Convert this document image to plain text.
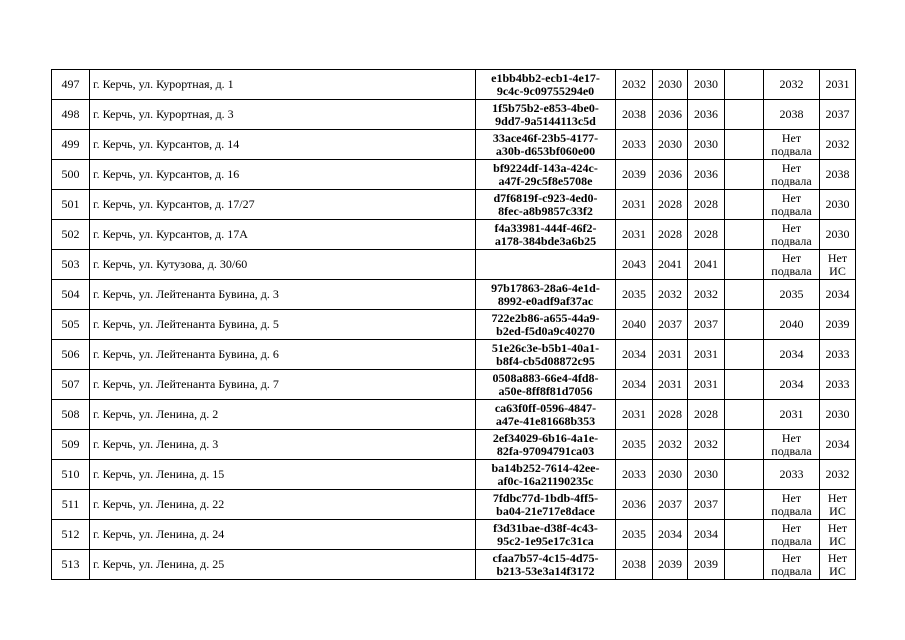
497	г. Керчь, ул. Курортная, д. 1	e1bb4bb2-ecb1-4e17-
9c4c-9c09755294e0	2032	2030	2030		2032	2031
498	г. Керчь, ул. Курортная, д. 3	1f5b75b2-e853-4be0-
9dd7-9a5144113c5d	2038	2036	2036		2038	2037
499	г. Керчь, ул. Курсантов, д. 14	33ace46f-23b5-4177-
a30b-d653bf060e00	2033	2030	2030		Нет подвала	2032
500	г. Керчь, ул. Курсантов, д. 16	bf9224df-143a-424c-
a47f-29c5f8e5708e	2039	2036	2036		Нет подвала	2038
501	г. Керчь, ул. Курсантов, д. 17/27	d7f6819f-c923-4ed0-
8fec-a8b9857c33f2	2031	2028	2028		Нет подвала	2030
502	г. Керчь, ул. Курсантов, д. 17А	f4a33981-444f-46f2-
a178-384bde3a6b25	2031	2028	2028		Нет подвала	2030
503	г. Керчь, ул. Кутузова, д. 30/60		2043	2041	2041		Нет подвала	Нет ИС
504	г. Керчь, ул. Лейтенанта Бувина, д. 3	97b17863-28a6-4e1d-
8992-e0adf9af37ac	2035	2032	2032		2035	2034
505	г. Керчь, ул. Лейтенанта Бувина, д. 5	722e2b86-a655-44a9-
b2ed-f5d0a9c40270	2040	2037	2037		2040	2039
506	г. Керчь, ул. Лейтенанта Бувина, д. 6	51e26c3e-b5b1-40a1-
b8f4-cb5d08872c95	2034	2031	2031		2034	2033
507	г. Керчь, ул. Лейтенанта Бувина, д. 7	0508a883-66e4-4fd8-
a50e-8ff8f81d7056	2034	2031	2031		2034	2033
508	г. Керчь, ул. Ленина, д. 2	ca63f0ff-0596-4847-
a47e-41e81668b353	2031	2028	2028		2031	2030
509	г. Керчь, ул. Ленина, д. 3	2ef34029-6b16-4a1e-
82fa-97094791ca03	2035	2032	2032		Нет подвала	2034
510	г. Керчь, ул. Ленина, д. 15	ba14b252-7614-42ee-
af0c-16a21190235c	2033	2030	2030		2033	2032
511	г. Керчь, ул. Ленина, д. 22	7fdbc77d-1bdb-4ff5-
ba04-21e717e8dace	2036	2037	2037		Нет подвала	Нет ИС
512	г. Керчь, ул. Ленина, д. 24	f3d31bae-d38f-4c43-
95c2-1e95e17c31ca	2035	2034	2034		Нет подвала	Нет ИС
513	г. Керчь, ул. Ленина, д. 25	cfaa7b57-4c15-4d75-
b213-53e3a14f3172	2038	2039	2039		Нет подвала	Нет ИС
